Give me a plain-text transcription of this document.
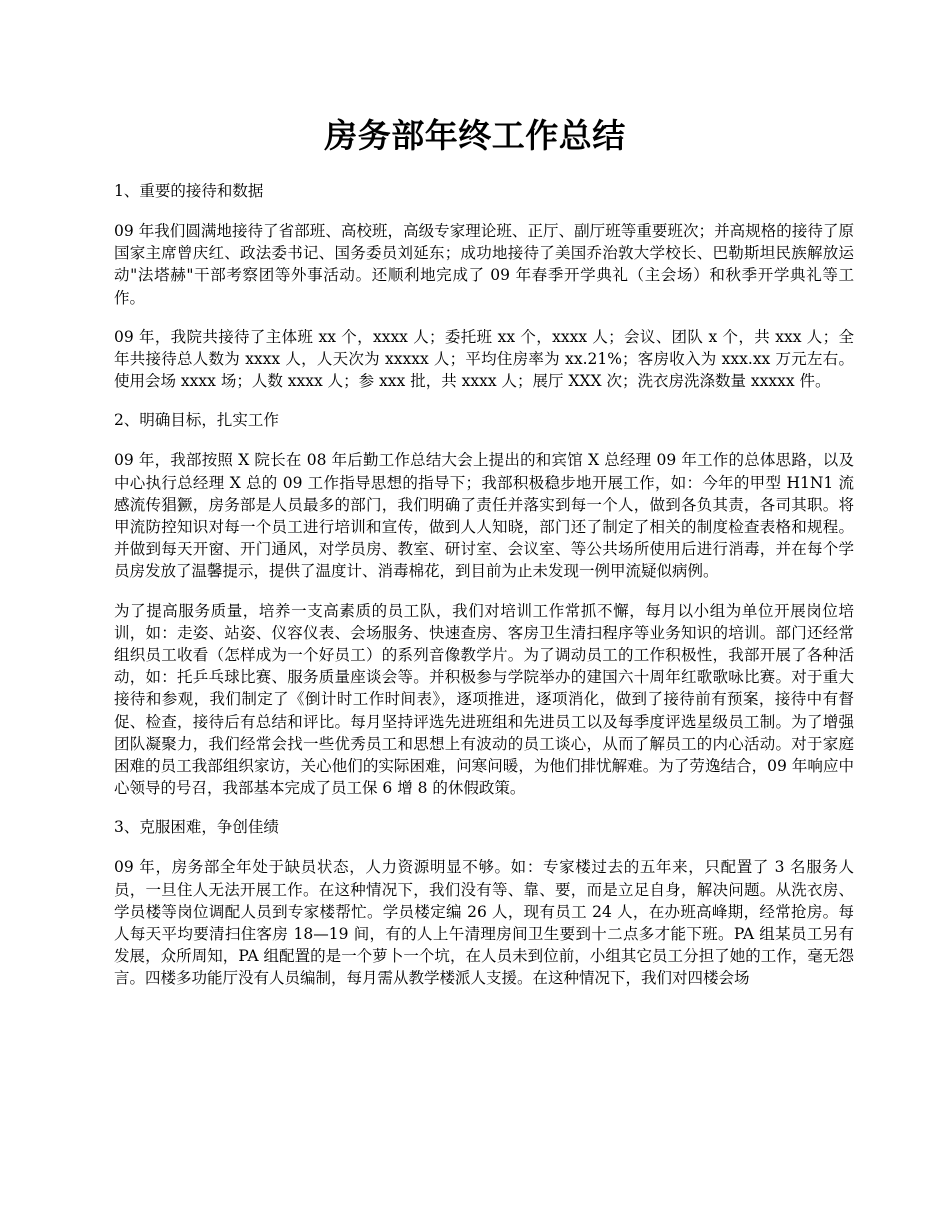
房务部年终工作总结

1、重要的接待和数据

09 年我们圆满地接待了省部班、高校班，高级专家理论班、正厅、副厅班等重要班次；并高规格的接待了原国家主席曾庆红、政法委书记、国务委员刘延东；成功地接待了美国乔治敦大学校长、巴勒斯坦民族解放运动"法塔赫"干部考察团等外事活动。还顺利地完成了 09 年春季开学典礼（主会场）和秋季开学典礼等工作。

09 年，我院共接待了主体班 xx 个，xxxx 人；委托班 xx 个，xxxx 人；会议、团队 x 个，共 xxx 人；全年共接待总人数为 xxxx 人，人天次为 xxxxx 人；平均住房率为 xx.21%；客房收入为 xxx.xx 万元左右。使用会场 xxxx 场；人数 xxxx 人；参 xxx 批，共 xxxx 人；展厅 XXX 次；洗衣房洗涤数量 xxxxx 件。

2、明确目标，扎实工作

09 年，我部按照 X 院长在 08 年后勤工作总结大会上提出的和宾馆 X 总经理 09 年工作的总体思路，以及中心执行总经理 X 总的 09 工作指导思想的指导下；我部积极稳步地开展工作，如：今年的甲型 H1N1 流感流传猖獗，房务部是人员最多的部门，我们明确了责任并落实到每一个人，做到各负其责，各司其职。将甲流防控知识对每一个员工进行培训和宣传，做到人人知晓，部门还了制定了相关的制度检查表格和规程。并做到每天开窗、开门通风，对学员房、教室、研讨室、会议室、等公共场所使用后进行消毒，并在每个学员房发放了温馨提示，提供了温度计、消毒棉花，到目前为止未发现一例甲流疑似病例。

为了提高服务质量，培养一支高素质的员工队，我们对培训工作常抓不懈，每月以小组为单位开展岗位培训，如：走姿、站姿、仪容仪表、会场服务、快速查房、客房卫生清扫程序等业务知识的培训。部门还经常组织员工收看（怎样成为一个好员工）的系列音像教学片。为了调动员工的工作积极性，我部开展了各种活动，如：托乒乓球比赛、服务质量座谈会等。并积极参与学院举办的建国六十周年红歌歌咏比赛。对于重大接待和参观，我们制定了《倒计时工作时间表》，逐项推进，逐项消化，做到了接待前有预案，接待中有督促、检查，接待后有总结和评比。每月坚持评选先进班组和先进员工以及每季度评选星级员工制。为了增强团队凝聚力，我们经常会找一些优秀员工和思想上有波动的员工谈心，从而了解员工的内心活动。对于家庭困难的员工我部组织家访，关心他们的实际困难，问寒问暖，为他们排忧解难。为了劳逸结合，09 年响应中心领导的号召，我部基本完成了员工保 6 增 8 的休假政策。

3、克服困难，争创佳绩

09 年，房务部全年处于缺员状态，人力资源明显不够。如：专家楼过去的五年来，只配置了 3 名服务人员，一旦住人无法开展工作。在这种情况下，我们没有等、靠、要，而是立足自身，解决问题。从洗衣房、学员楼等岗位调配人员到专家楼帮忙。学员楼定编 26 人，现有员工 24 人，在办班高峰期，经常抢房。每人每天平均要清扫住客房 18—19 间，有的人上午清理房间卫生要到十二点多才能下班。PA 组某员工另有发展，众所周知，PA 组配置的是一个萝卜一个坑，在人员未到位前，小组其它员工分担了她的工作，毫无怨言。四楼多功能厅没有人员编制，每月需从教学楼派人支援。在这种情况下，我们对四楼会场
